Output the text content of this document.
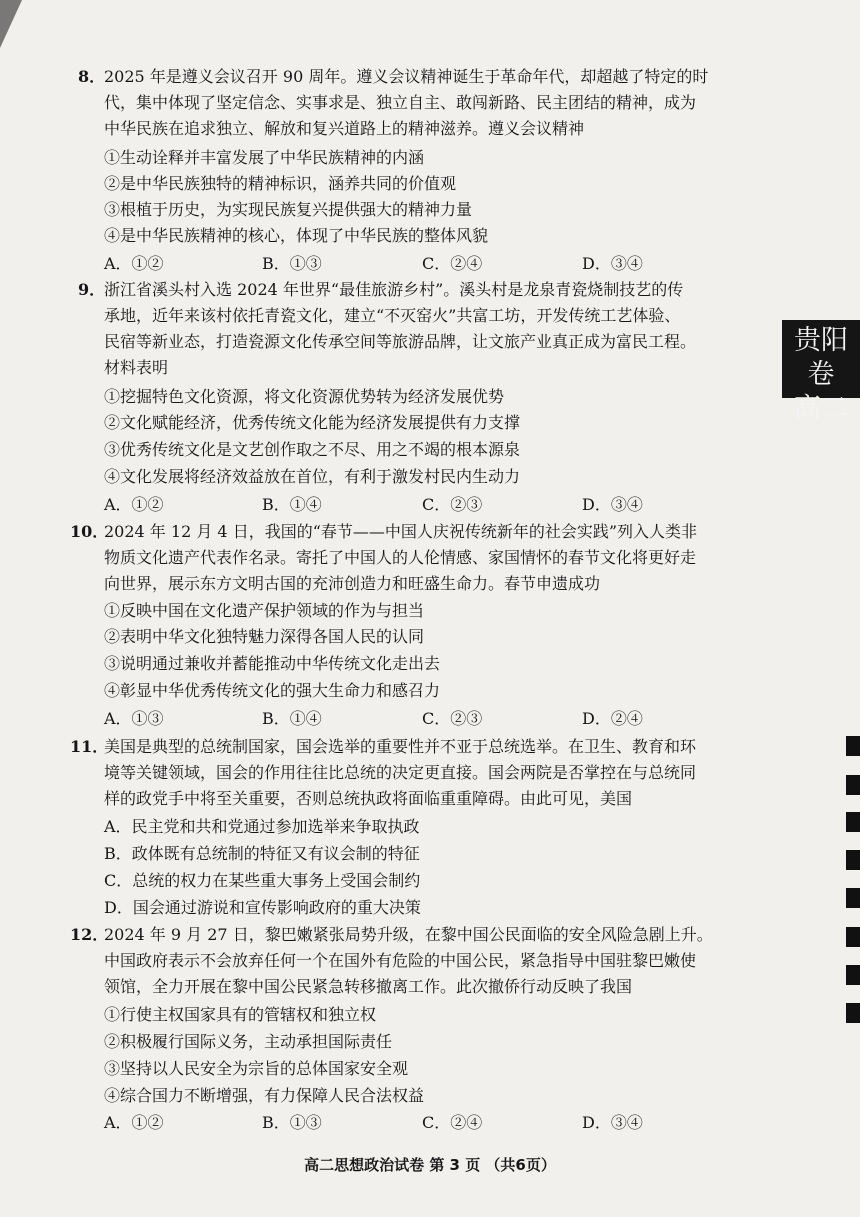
8．
2025 年是遵义会议召开 90 周年。遵义会议精神诞生于革命年代，却超越了特定的时
代，集中体现了坚定信念、实事求是、独立自主、敢闯新路、民主团结的精神，成为
中华民族在追求独立、解放和复兴道路上的精神滋养。遵义会议精神
①生动诠释并丰富发展了中华民族精神的内涵
②是中华民族独特的精神标识，涵养共同的价值观
③根植于历史，为实现民族复兴提供强大的精神力量
④是中华民族精神的核心，体现了中华民族的整体风貌
A．①②	B．①③	C．②④	D．③④
9．
浙江省溪头村入选 2024 年世界“最佳旅游乡村”。溪头村是龙泉青瓷烧制技艺的传
承地，近年来该村依托青瓷文化，建立“不灭窑火”共富工坊，开发传统工艺体验、
民宿等新业态，打造瓷源文化传承空间等旅游品牌，让文旅产业真正成为富民工程。
材料表明
①挖掘特色文化资源，将文化资源优势转为经济发展优势
②文化赋能经济，优秀传统文化能为经济发展提供有力支撑
③优秀传统文化是文艺创作取之不尽、用之不竭的根本源泉
④文化发展将经济效益放在首位，有利于激发村民内生动力
A．①②	B．①④	C．②③	D．③④
10．
2024 年 12 月 4 日，我国的“春节——中国人庆祝传统新年的社会实践”列入人类非
物质文化遗产代表作名录。寄托了中国人的人伦情感、家国情怀的春节文化将更好走
向世界，展示东方文明古国的充沛创造力和旺盛生命力。春节申遗成功
①反映中国在文化遗产保护领域的作为与担当
②表明中华文化独特魅力深得各国人民的认同
③说明通过兼收并蓄能推动中华传统文化走出去
④彰显中华优秀传统文化的强大生命力和感召力
A．①③	B．①④	C．②③	D．②④
11．
美国是典型的总统制国家，国会选举的重要性并不亚于总统选举。在卫生、教育和环
境等关键领域，国会的作用往往比总统的决定更直接。国会两院是否掌控在与总统同
样的政党手中将至关重要，否则总统执政将面临重重障碍。由此可见，美国
A．民主党和共和党通过参加选举来争取执政
B．政体既有总统制的特征又有议会制的特征
C．总统的权力在某些重大事务上受国会制约
D．国会通过游说和宣传影响政府的重大决策
12．
2024 年 9 月 27 日，黎巴嫩紧张局势升级，在黎中国公民面临的安全风险急剧上升。
中国政府表示不会放弃任何一个在国外有危险的中国公民，紧急指导中国驻黎巴嫩使
领馆，全力开展在黎中国公民紧急转移撤离工作。此次撤侨行动反映了我国
①行使主权国家具有的管辖权和独立权
②积极履行国际义务，主动承担国际责任
③坚持以人民安全为宗旨的总体国家安全观
④综合国力不断增强，有力保障人民合法权益
A．①②	B．①③	C．②④	D．③④
贵阳卷
高二
高二思想政治试卷 第 3 页 （共6页）
